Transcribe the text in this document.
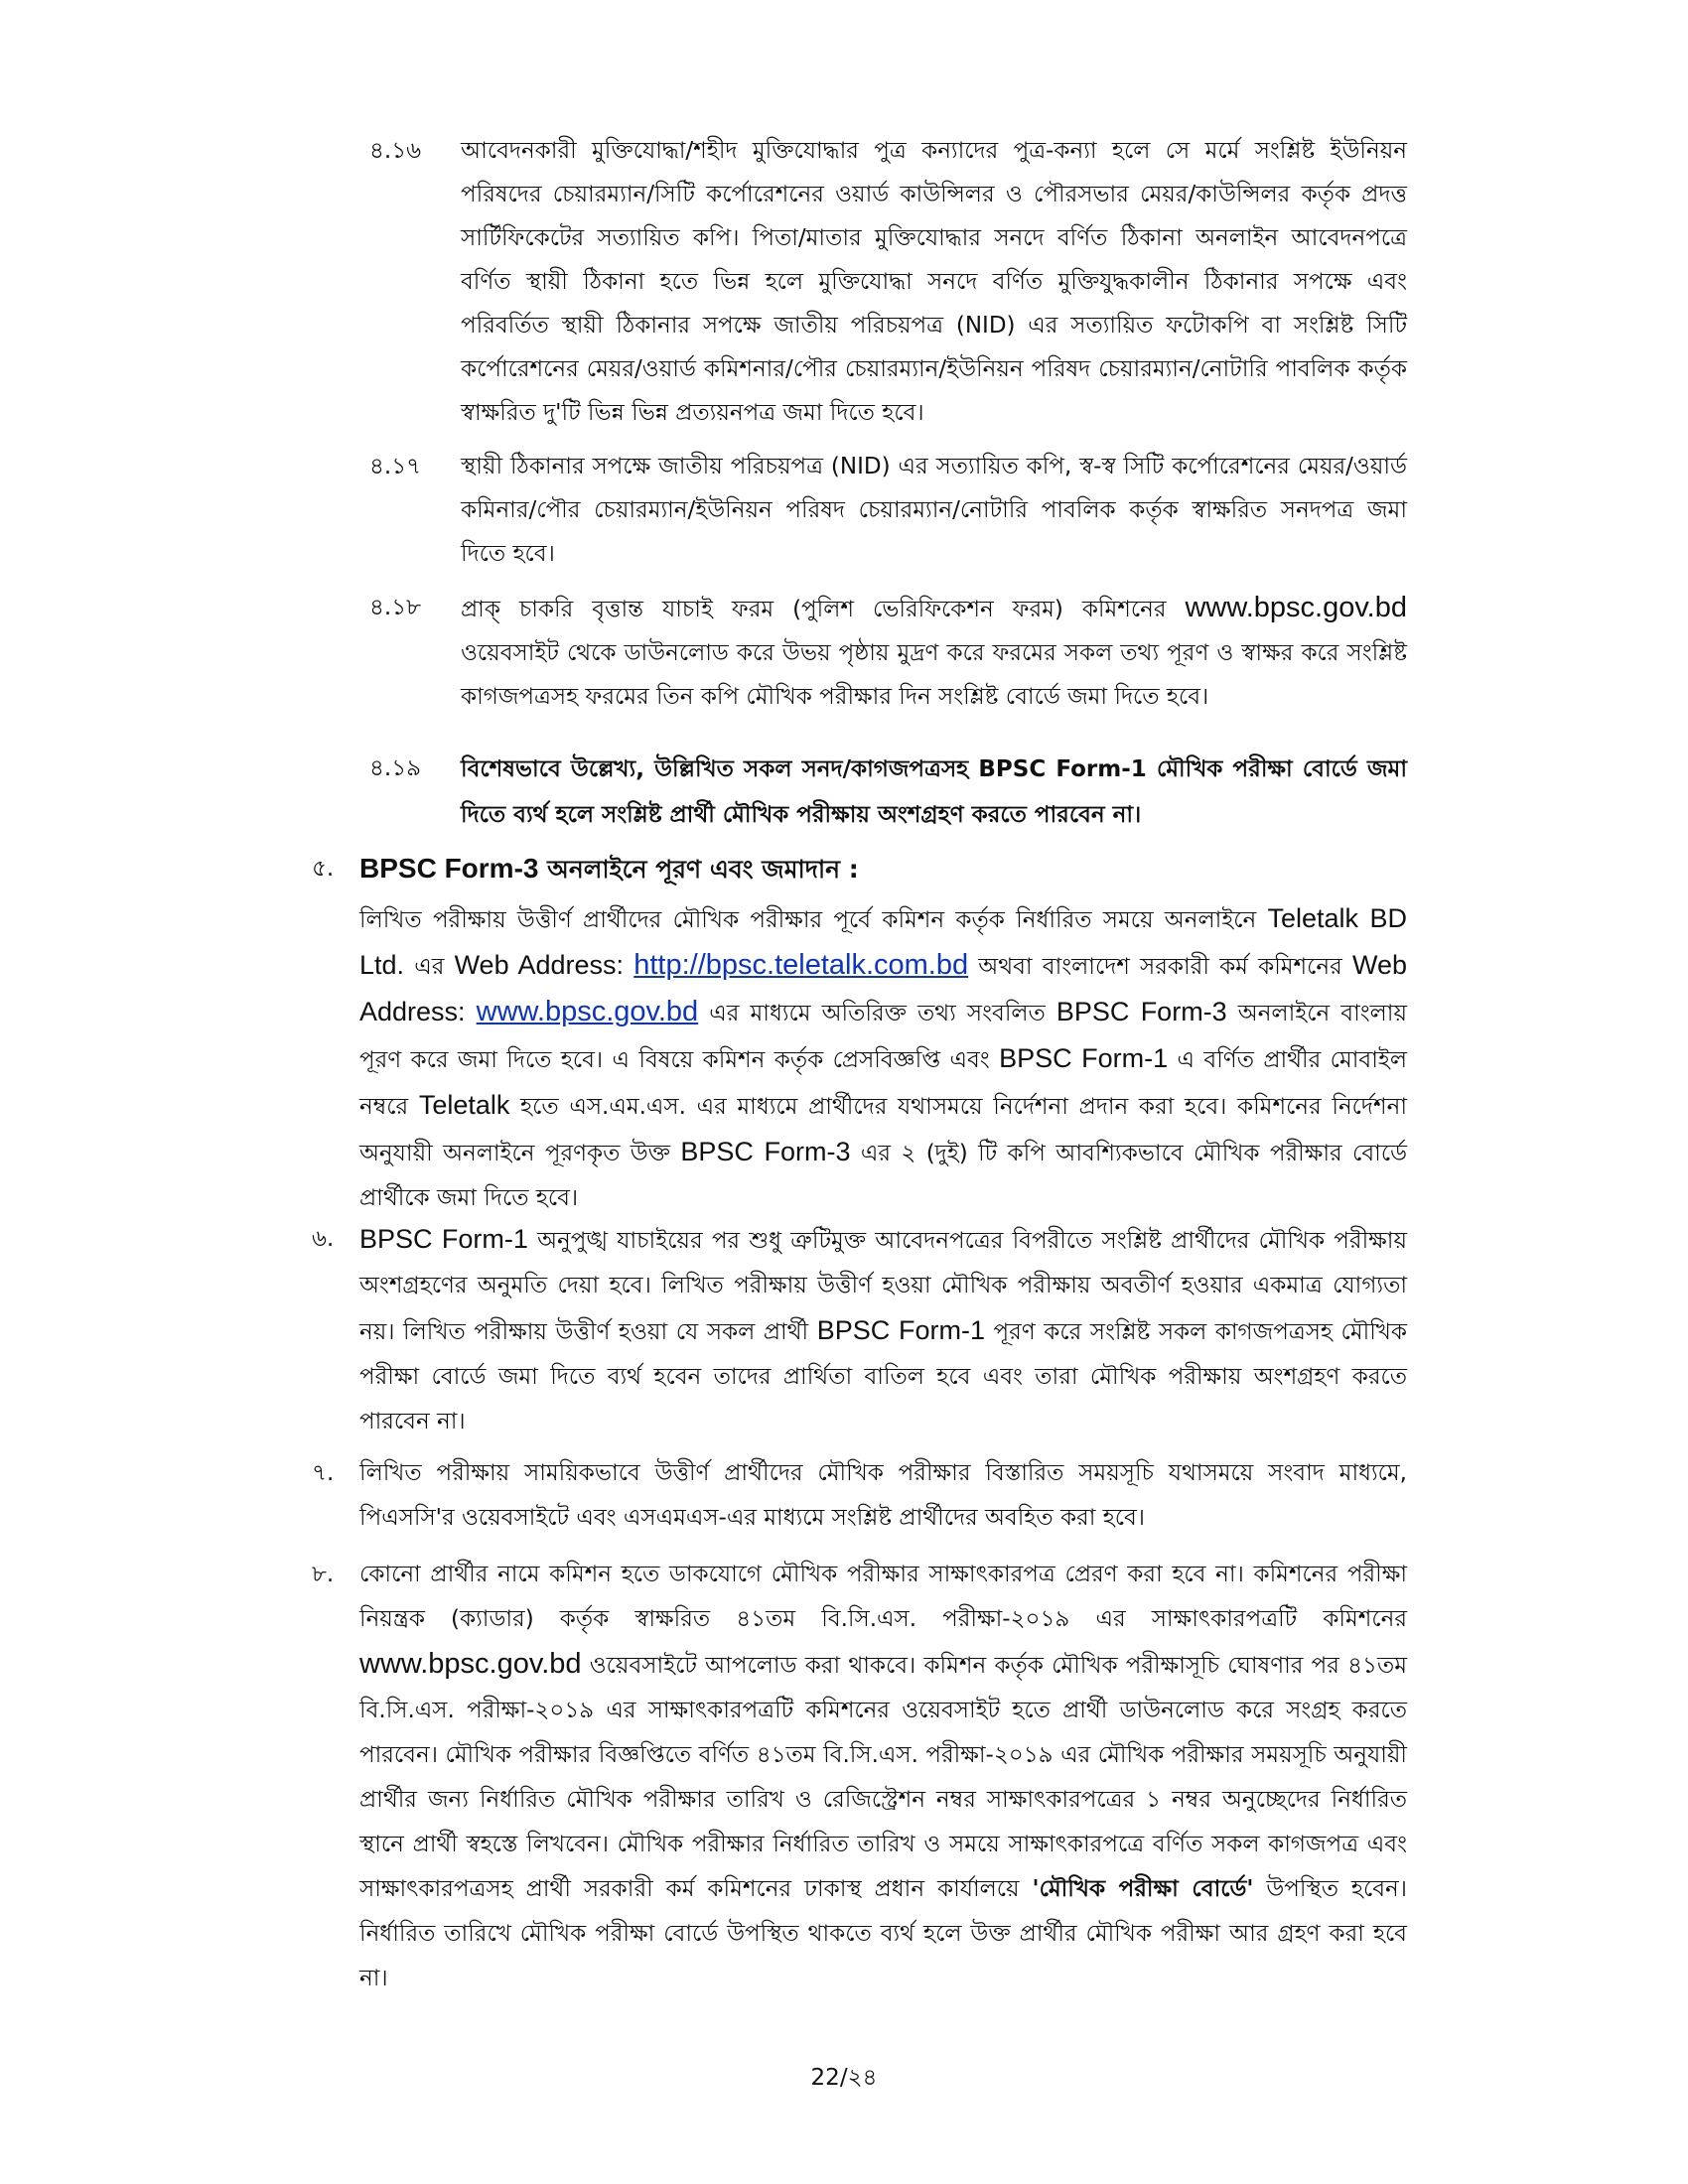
৪.১৬	আবেদনকারী মুক্তিযোদ্ধা/শহীদ মুক্তিযোদ্ধার পুত্র কন্যাদের পুত্র-কন্যা হলে সে মর্মে সংশ্লিষ্ট ইউনিয়ন পরিষদের চেয়ারম্যান/সিটি কর্পোরেশনের ওয়ার্ড কাউন্সিলর ও পৌরসভার মেয়র/কাউন্সিলর কর্তৃক প্রদত্ত সার্টিফিকেটের সত্যায়িত কপি। পিতা/মাতার মুক্তিযোদ্ধার সনদে বর্ণিত ঠিকানা অনলাইন আবেদনপত্রে বর্ণিত স্থায়ী ঠিকানা হতে ভিন্ন হলে মুক্তিযোদ্ধা সনদে বর্ণিত মুক্তিযুদ্ধকালীন ঠিকানার সপক্ষে এবং পরিবর্তিত স্থায়ী ঠিকানার সপক্ষে জাতীয় পরিচয়পত্র (NID) এর সত্যায়িত ফটোকপি বা সংশ্লিষ্ট সিটি কর্পোরেশনের মেয়র/ওয়ার্ড কমিশনার/পৌর চেয়ারম্যান/ইউনিয়ন পরিষদ চেয়ারম্যান/নোটারি পাবলিক কর্তৃক স্বাক্ষরিত দু'টি ভিন্ন ভিন্ন প্রত্যয়নপত্র জমা দিতে হবে।
৪.১৭	স্থায়ী ঠিকানার সপক্ষে জাতীয় পরিচয়পত্র (NID) এর সত্যায়িত কপি, স্ব-স্ব সিটি কর্পোরেশনের মেয়র/ওয়ার্ড কমিনার/পৌর চেয়ারম্যান/ইউনিয়ন পরিষদ চেয়ারম্যান/নোটারি পাবলিক কর্তৃক স্বাক্ষরিত সনদপত্র জমা দিতে হবে।
৪.১৮	প্রাক্ চাকরি বৃত্তান্ত যাচাই ফরম (পুলিশ ভেরিফিকেশন ফরম) কমিশনের www.bpsc.gov.bd ওয়েবসাইট থেকে ডাউনলোড করে উভয় পৃষ্ঠায় মুদ্রণ করে ফরমের সকল তথ্য পূরণ ও স্বাক্ষর করে সংশ্লিষ্ট কাগজপত্রসহ ফরমের তিন কপি মৌখিক পরীক্ষার দিন সংশ্লিষ্ট বোর্ডে জমা দিতে হবে।
৪.১৯	বিশেষভাবে উল্লেখ্য, উল্লিখিত সকল সনদ/কাগজপত্রসহ BPSC Form-1 মৌখিক পরীক্ষা বোর্ডে জমা দিতে ব্যর্থ হলে সংশ্লিষ্ট প্রার্থী মৌখিক পরীক্ষায় অংশগ্রহণ করতে পারবেন না।
৫. BPSC Form-3 অনলাইনে পূরণ এবং জমাদান :
লিখিত পরীক্ষায় উত্তীর্ণ প্রার্থীদের মৌখিক পরীক্ষার পূর্বে কমিশন কর্তৃক নির্ধারিত সময়ে অনলাইনে Teletalk BD Ltd. এর Web Address: http://bpsc.teletalk.com.bd অথবা বাংলাদেশ সরকারী কর্ম কমিশনের Web Address: www.bpsc.gov.bd এর মাধ্যমে অতিরিক্ত তথ্য সংবলিত BPSC Form-3 অনলাইনে বাংলায় পূরণ করে জমা দিতে হবে। এ বিষয়ে কমিশন কর্তৃক প্রেসবিজ্ঞপ্তি এবং BPSC Form-1 এ বর্ণিত প্রার্থীর মোবাইল নম্বরে Teletalk হতে এস.এম.এস. এর মাধ্যমে প্রার্থীদের যথাসময়ে নির্দেশনা প্রদান করা হবে। কমিশনের নির্দেশনা অনুযায়ী অনলাইনে পূরণকৃত উক্ত BPSC Form-3 এর ২ (দুই) টি কপি আবশ্যিকভাবে মৌখিক পরীক্ষার বোর্ডে প্রার্থীকে জমা দিতে হবে।
৬. BPSC Form-1 অনুপুঙ্খ যাচাইয়ের পর শুধু ত্রুটিমুক্ত আবেদনপত্রের বিপরীতে সংশ্লিষ্ট প্রার্থীদের মৌখিক পরীক্ষায় অংশগ্রহণের অনুমতি দেয়া হবে। লিখিত পরীক্ষায় উত্তীর্ণ হওয়া মৌখিক পরীক্ষায় অবতীর্ণ হওয়ার একমাত্র যোগ্যতা নয়। লিখিত পরীক্ষায় উত্তীর্ণ হওয়া যে সকল প্রার্থী BPSC Form-1 পূরণ করে সংশ্লিষ্ট সকল কাগজপত্রসহ মৌখিক পরীক্ষা বোর্ডে জমা দিতে ব্যর্থ হবেন তাদের প্রার্থিতা বাতিল হবে এবং তারা মৌখিক পরীক্ষায় অংশগ্রহণ করতে পারবেন না।
৭.	লিখিত পরীক্ষায় সাময়িকভাবে উত্তীর্ণ প্রার্থীদের মৌখিক পরীক্ষার বিস্তারিত সময়সূচি যথাসময়ে সংবাদ মাধ্যমে, পিএসসি'র ওয়েবসাইটে এবং এসএমএস-এর মাধ্যমে সংশ্লিষ্ট প্রার্থীদের অবহিত করা হবে।
৮.	কোনো প্রার্থীর নামে কমিশন হতে ডাকযোগে মৌখিক পরীক্ষার সাক্ষাৎকারপত্র প্রেরণ করা হবে না। কমিশনের পরীক্ষা নিয়ন্ত্রক (ক্যাডার) কর্তৃক স্বাক্ষরিত ৪১তম বি.সি.এস. পরীক্ষা-২০১৯ এর সাক্ষাৎকারপত্রটি কমিশনের www.bpsc.gov.bd ওয়েবসাইটে আপলোড করা থাকবে। কমিশন কর্তৃক মৌখিক পরীক্ষাসূচি ঘোষণার পর ৪১তম বি.সি.এস. পরীক্ষা-২০১৯ এর সাক্ষাৎকারপত্রটি কমিশনের ওয়েবসাইট হতে প্রার্থী ডাউনলোড করে সংগ্রহ করতে পারবেন। মৌখিক পরীক্ষার বিজ্ঞপ্তিতে বর্ণিত ৪১তম বি.সি.এস. পরীক্ষা-২০১৯ এর মৌখিক পরীক্ষার সময়সূচি অনুযায়ী প্রার্থীর জন্য নির্ধারিত মৌখিক পরীক্ষার তারিখ ও রেজিস্ট্রেশন নম্বর সাক্ষাৎকারপত্রের ১ নম্বর অনুচ্ছেদের নির্ধারিত স্থানে প্রার্থী স্বহস্তে লিখবেন। মৌখিক পরীক্ষার নির্ধারিত তারিখ ও সময়ে সাক্ষাৎকারপত্রে বর্ণিত সকল কাগজপত্র এবং সাক্ষাৎকারপত্রসহ প্রার্থী সরকারী কর্ম কমিশনের ঢাকাস্থ প্রধান কার্যালয়ে 'মৌখিক পরীক্ষা বোর্ডে' উপস্থিত হবেন। নির্ধারিত তারিখে মৌখিক পরীক্ষা বোর্ডে উপস্থিত থাকতে ব্যর্থ হলে উক্ত প্রার্থীর মৌখিক পরীক্ষা আর গ্রহণ করা হবে না।
22/২৪
